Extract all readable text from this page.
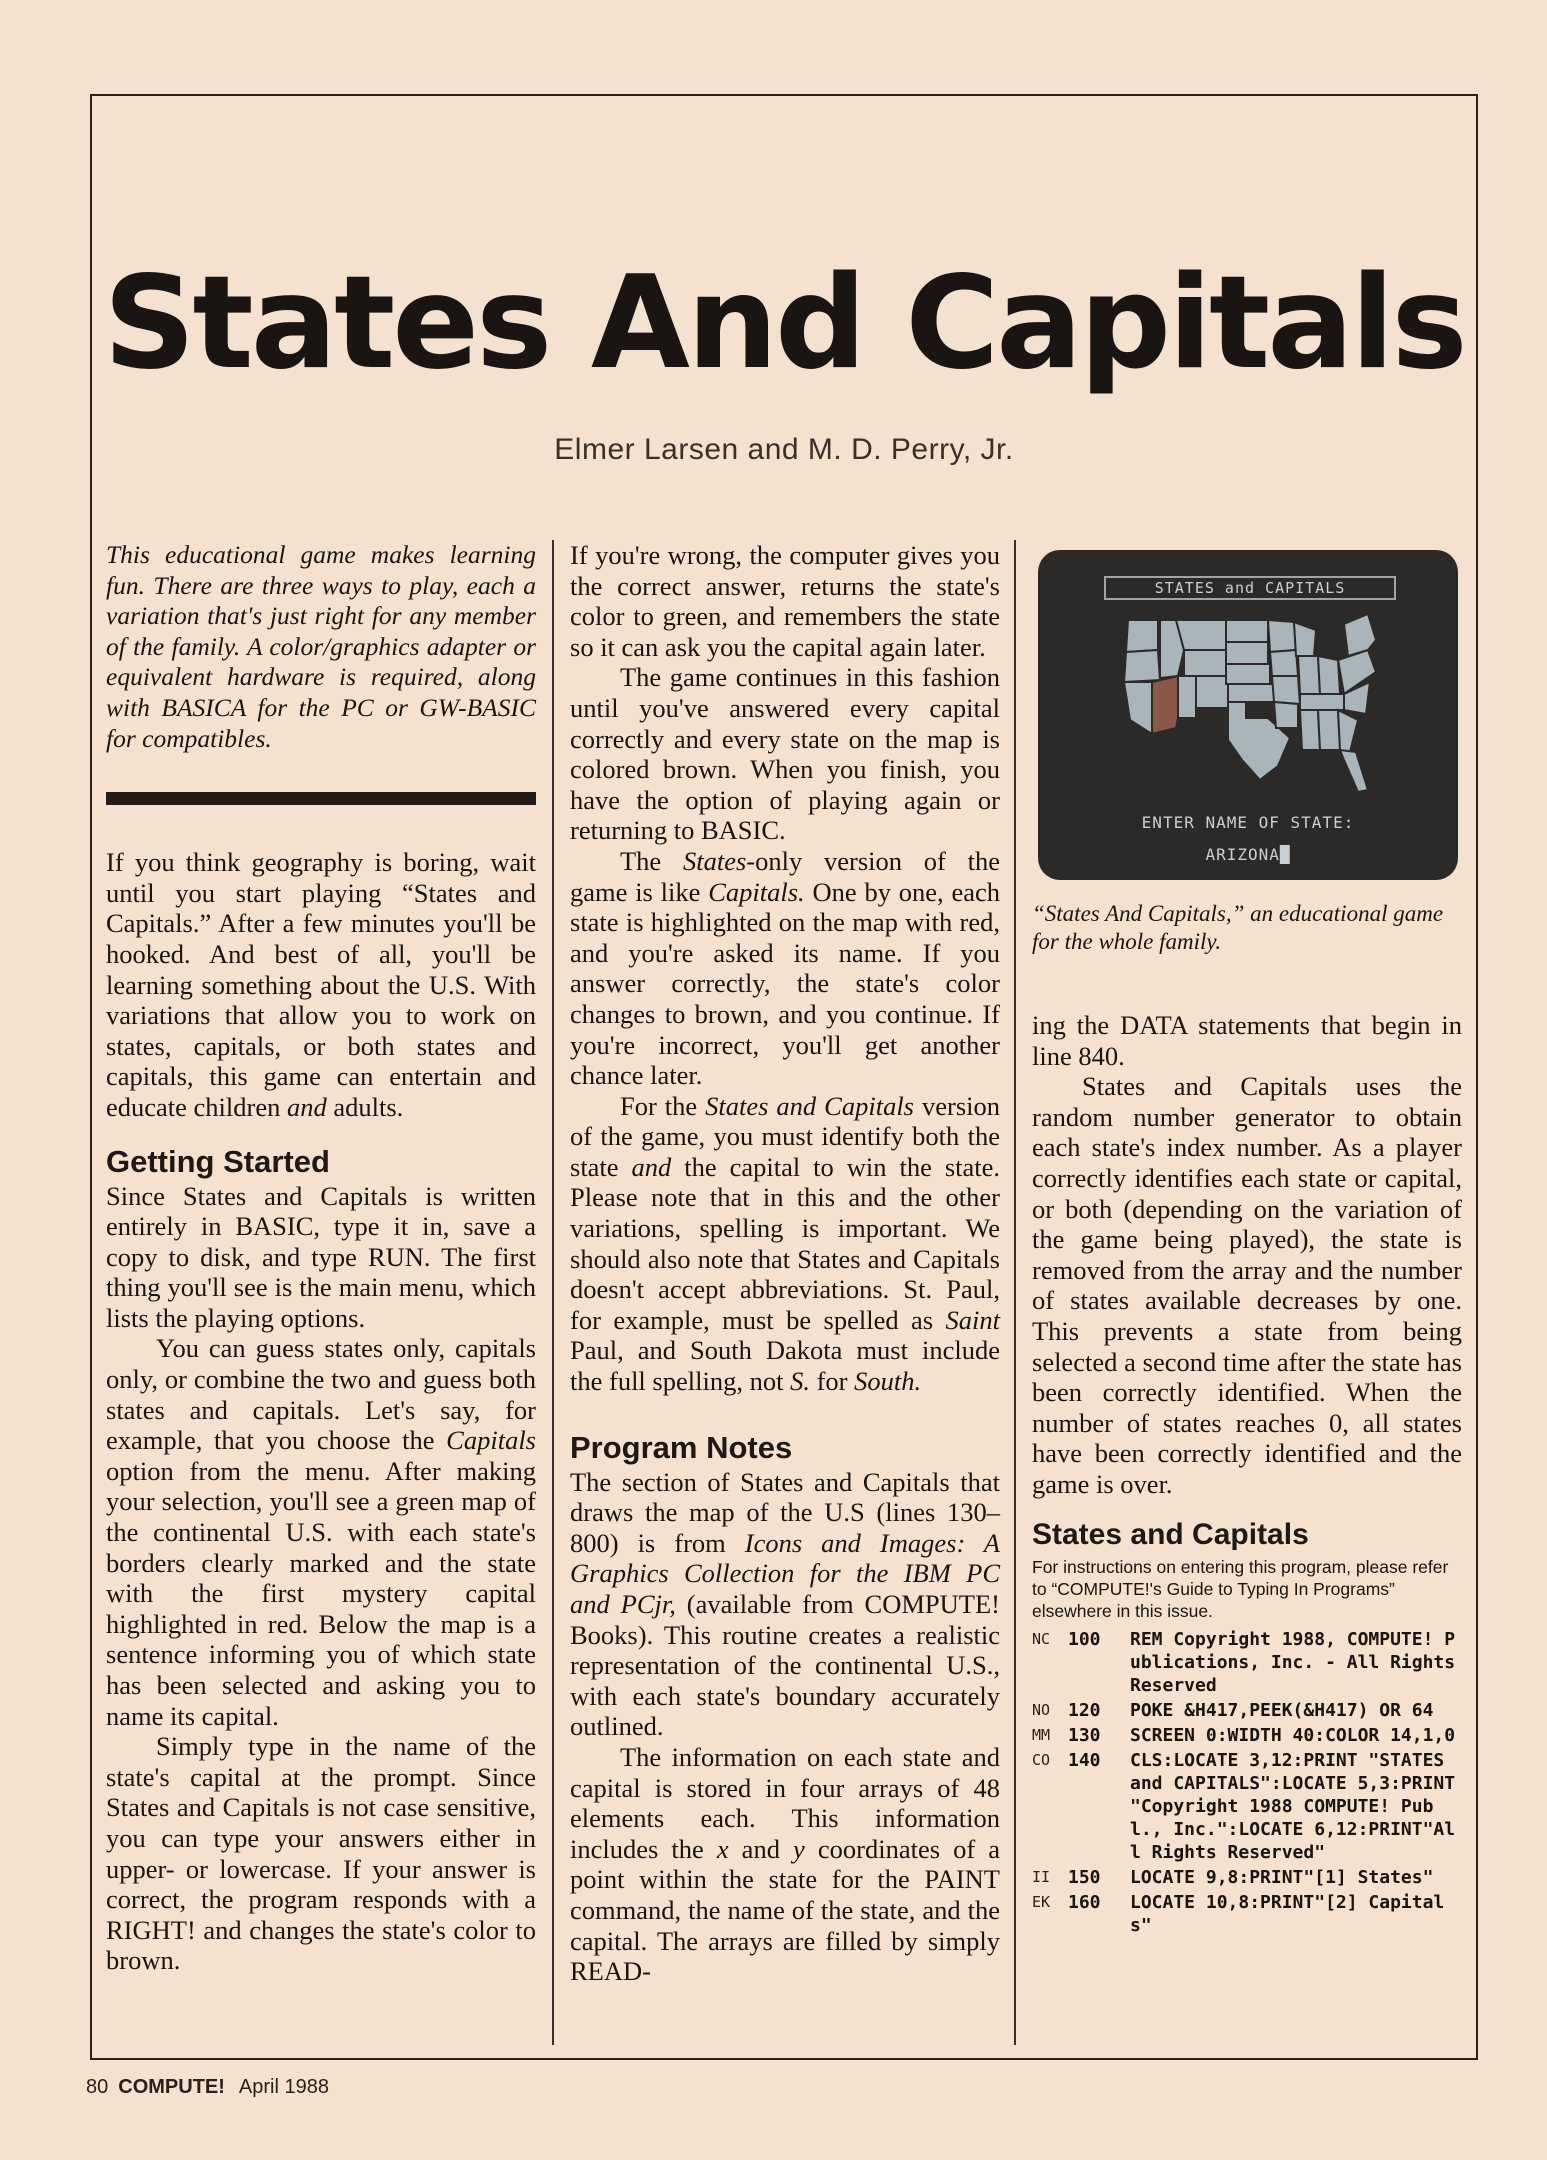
States And Capitals
Elmer Larsen and M. D. Perry, Jr.

This educational game makes learning fun. There are three ways to play, each a variation that's just right for any member of the family. A color/graphics adapter or equivalent hardware is required, along with BASICA for the PC or GW-BASIC for compatibles.

If you think geography is boring, wait until you start playing “States and Capitals.” After a few minutes you'll be hooked. And best of all, you'll be learning something about the U.S. With variations that allow you to work on states, capitals, or both states and capitals, this game can entertain and educate children and adults.

Getting Started

Since States and Capitals is written entirely in BASIC, type it in, save a copy to disk, and type RUN. The first thing you'll see is the main menu, which lists the playing options.

You can guess states only, capitals only, or combine the two and guess both states and capitals. Let's say, for example, that you choose the Capitals option from the menu. After making your selection, you'll see a green map of the continental U.S. with each state's borders clearly marked and the state with the first mystery capital highlighted in red. Below the map is a sentence informing you of which state has been selected and asking you to name its capital.

Simply type in the name of the state's capital at the prompt. Since States and Capitals is not case sensitive, you can type your answers either in upper- or lowercase. If your answer is correct, the program responds with a RIGHT! and changes the state's color to brown.

If you're wrong, the computer gives you the correct answer, returns the state's color to green, and remembers the state so it can ask you the capital again later.

The game continues in this fashion until you've answered every capital correctly and every state on the map is colored brown. When you finish, you have the option of playing again or returning to BASIC.

The States-only version of the game is like Capitals. One by one, each state is highlighted on the map with red, and you're asked its name. If you answer correctly, the state's color changes to brown, and you continue. If you're incorrect, you'll get another chance later.

For the States and Capitals version of the game, you must identify both the state and the capital to win the state. Please note that in this and the other variations, spelling is important. We should also note that States and Capitals doesn't accept abbreviations. St. Paul, for example, must be spelled as Saint Paul, and South Dakota must include the full spelling, not S. for South.

Program Notes

The section of States and Capitals that draws the map of the U.S (lines 130–800) is from Icons and Images: A Graphics Collection for the IBM PC and PCjr, (available from COMPUTE! Books). This routine creates a realistic representation of the continental U.S., with each state's boundary accurately outlined.

The information on each state and capital is stored in four arrays of 48 elements each. This information includes the x and y coordinates of a point within the state for the PAINT command, the name of the state, and the capital. The arrays are filled by simply READ-

STATES and CAPITALS
ENTER NAME OF STATE:
ARIZONA█

“States And Capitals,” an educational game for the whole family.

ing the DATA statements that begin in line 840.

States and Capitals uses the random number generator to obtain each state's index number. As a player correctly identifies each state or capital, or both (depending on the variation of the game being played), the state is removed from the array and the number of states available decreases by one. This prevents a state from being selected a second time after the state has been correctly identified. When the number of states reaches 0, all states have been correctly identified and the game is over.

States and Capitals
For instructions on entering this program, please refer to “COMPUTE!'s Guide to Typing In Programs” elsewhere in this issue.
NC 100	REM Copyright 1988, COMPUTE! Publications, Inc. - All Rights Reserved
NO 120	POKE &H417,PEEK(&H417) OR 64
MM 130	SCREEN 0:WIDTH 40:COLOR 14,1,0
CO 140	CLS:LOCATE 3,12:PRINT "STATES and CAPITALS":LOCATE 5,3:PRINT "Copyright 1988 COMPUTE! Publ., Inc.":LOCATE 6,12:PRINT"All Rights Reserved"
II 150	LOCATE 9,8:PRINT"[1] States"
EK 160	LOCATE 10,8:PRINT"[2] Capitals"
80 COMPUTE! April 1988
